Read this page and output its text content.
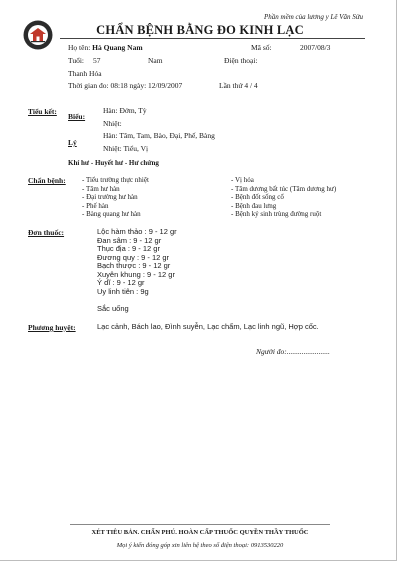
Phần mềm của lương y Lê Văn Sửu
CHẨN BỆNH BẰNG ĐO KINH LẠC
Họ tên: Hà Quang Nam	Mã số:	2007/08/3
Tuổi: 57	Nam	Điện thoại:
Thanh Hóa
Thời gian đo: 08:18 ngày: 12/09/2007	Lần thứ 4 / 4
Tiểu kết:
Biểu:
Hàn: Đởm, Tỳ
Nhiệt:
Lý
Hàn: Tâm, Tam, Bào, Đại, Phế, Bàng
Nhiệt: Tiểu, Vị
Khí hư - Huyết hư - Hư chứng
Chẩn bệnh: - Tiểu trường thực nhiệt
- Tâm hư hàn
- Đại trường hư hàn
- Phế hàn
- Bàng quang hư hàn
- Vị hỏa
- Tâm dương bất túc (Tâm dương hư)
- Bệnh đốt sống cổ
- Bệnh đau lưng
- Bệnh ký sinh trùng đường ruột
Đơn thuốc:	Lộc hàm thảo : 9 - 12 gr
Đan sâm : 9 - 12 gr
Thục địa : 9 - 12 gr
Đương quy : 9 - 12 gr
Bạch thược : 9 - 12 gr
Xuyên khung : 9 - 12 gr
Ý dĩ : 9 - 12 gr
Uy linh tiên : 9g
Sắc uống
Phương huyệt:	Lạc cảnh, Bách lao, Đình suyễn, Lạc chẩm, Lạc linh ngũ, Hợp cốc.
Người đo:.......................
XÉT TIÊU BẢN. CHẨN PHÚ. HOÀN CẤP THUỐC QUYỀN THẦY THUỐC
Mọi ý kiến đóng góp xin liên hệ theo số điện thoại: 0913530220
